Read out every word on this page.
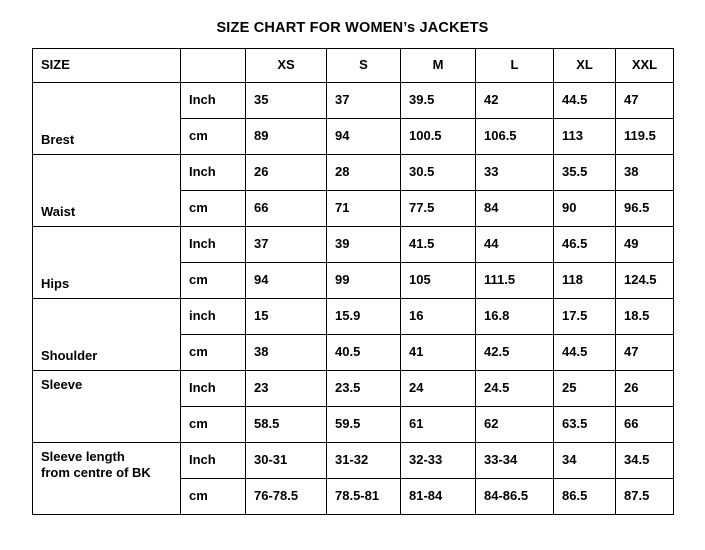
SIZE CHART FOR WOMEN’s JACKETS
SIZE		XS	S	M	L	XL	XXL
Brest	Inch	35	37	39.5	42	44.5	47
	cm	89	94	100.5	106.5	113	119.5
Waist	Inch	26	28	30.5	33	35.5	38
	cm	66	71	77.5	84	90	96.5
Hips	Inch	37	39	41.5	44	46.5	49
	cm	94	99	105	111.5	118	124.5
Shoulder	inch	15	15.9	16	16.8	17.5	18.5
	cm	38	40.5	41	42.5	44.5	47
Sleeve	Inch	23	23.5	24	24.5	25	26
	cm	58.5	59.5	61	62	63.5	66
Sleeve length
from centre of BK	Inch	30-31	31-32	32-33	33-34	34	34.5
	cm	76-78.5	78.5-81	81-84	84-86.5	86.5	87.5
